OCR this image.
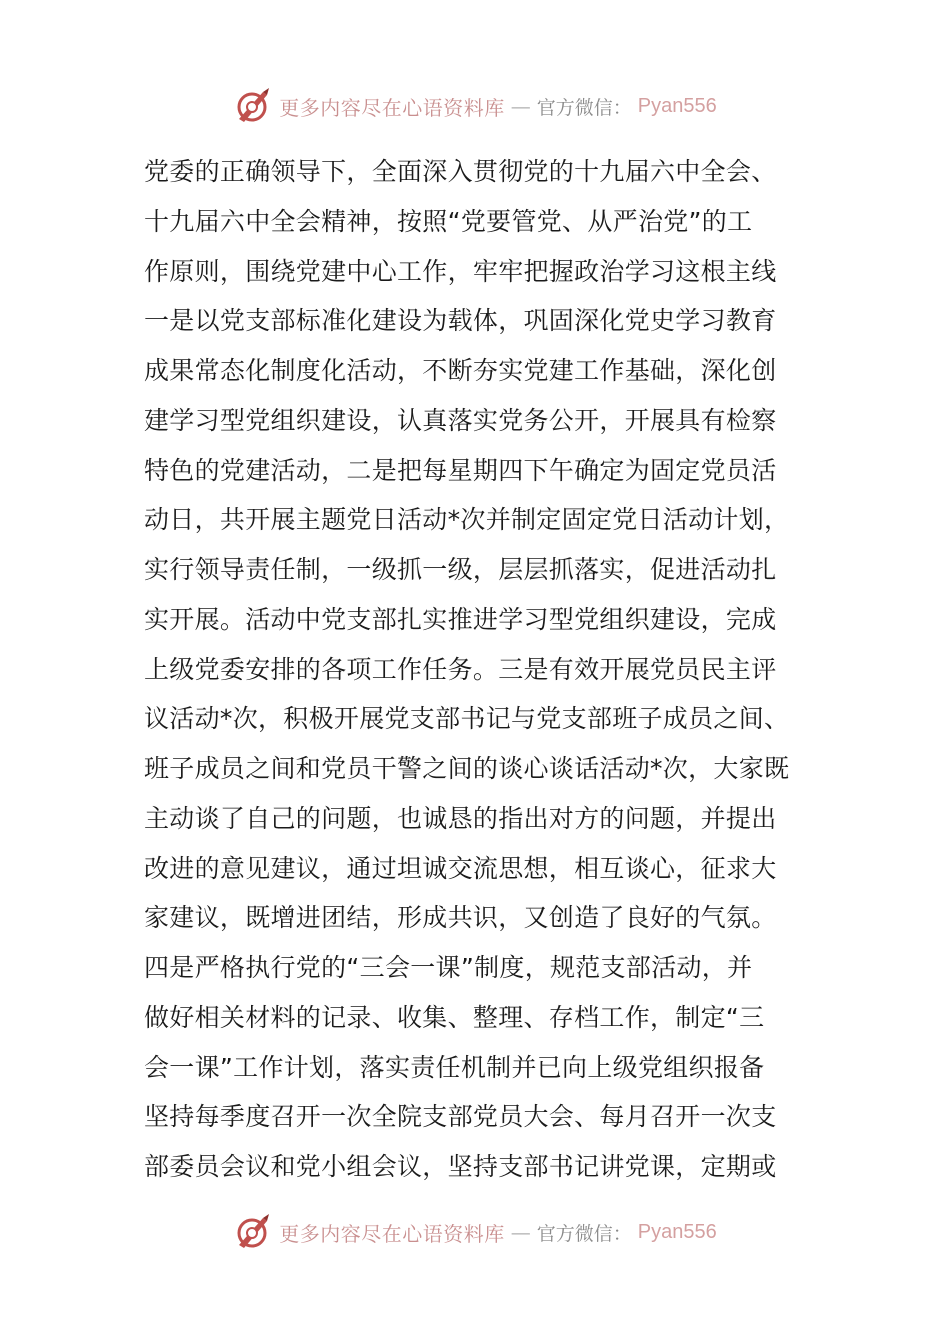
更多内容尽在心语资料库 — 官方微信： Pyan556
党委的正确领导下，全面深入贯彻党的十九届六中全会、
十九届六中全会精神，按照“党要管党、从严治党”的工
作原则，围绕党建中心工作，牢牢把握政治学习这根主线
一是以党支部标准化建设为载体，巩固深化党史学习教育
成果常态化制度化活动，不断夯实党建工作基础，深化创
建学习型党组织建设，认真落实党务公开，开展具有检察
特色的党建活动，二是把每星期四下午确定为固定党员活
动日，共开展主题党日活动*次并制定固定党日活动计划，
实行领导责任制，一级抓一级，层层抓落实，促进活动扎
实开展。活动中党支部扎实推进学习型党组织建设，完成
上级党委安排的各项工作任务。三是有效开展党员民主评
议活动*次，积极开展党支部书记与党支部班子成员之间、
班子成员之间和党员干警之间的谈心谈话活动*次，大家既
主动谈了自己的问题，也诚恳的指出对方的问题，并提出
改进的意见建议，通过坦诚交流思想，相互谈心，征求大
家建议，既增进团结，形成共识，又创造了良好的气氛。
四是严格执行党的“三会一课”制度，规范支部活动，并
做好相关材料的记录、收集、整理、存档工作，制定“三
会一课”工作计划，落实责任机制并已向上级党组织报备
坚持每季度召开一次全院支部党员大会、每月召开一次支
部委员会议和党小组会议，坚持支部书记讲党课，定期或
更多内容尽在心语资料库 — 官方微信： Pyan556
